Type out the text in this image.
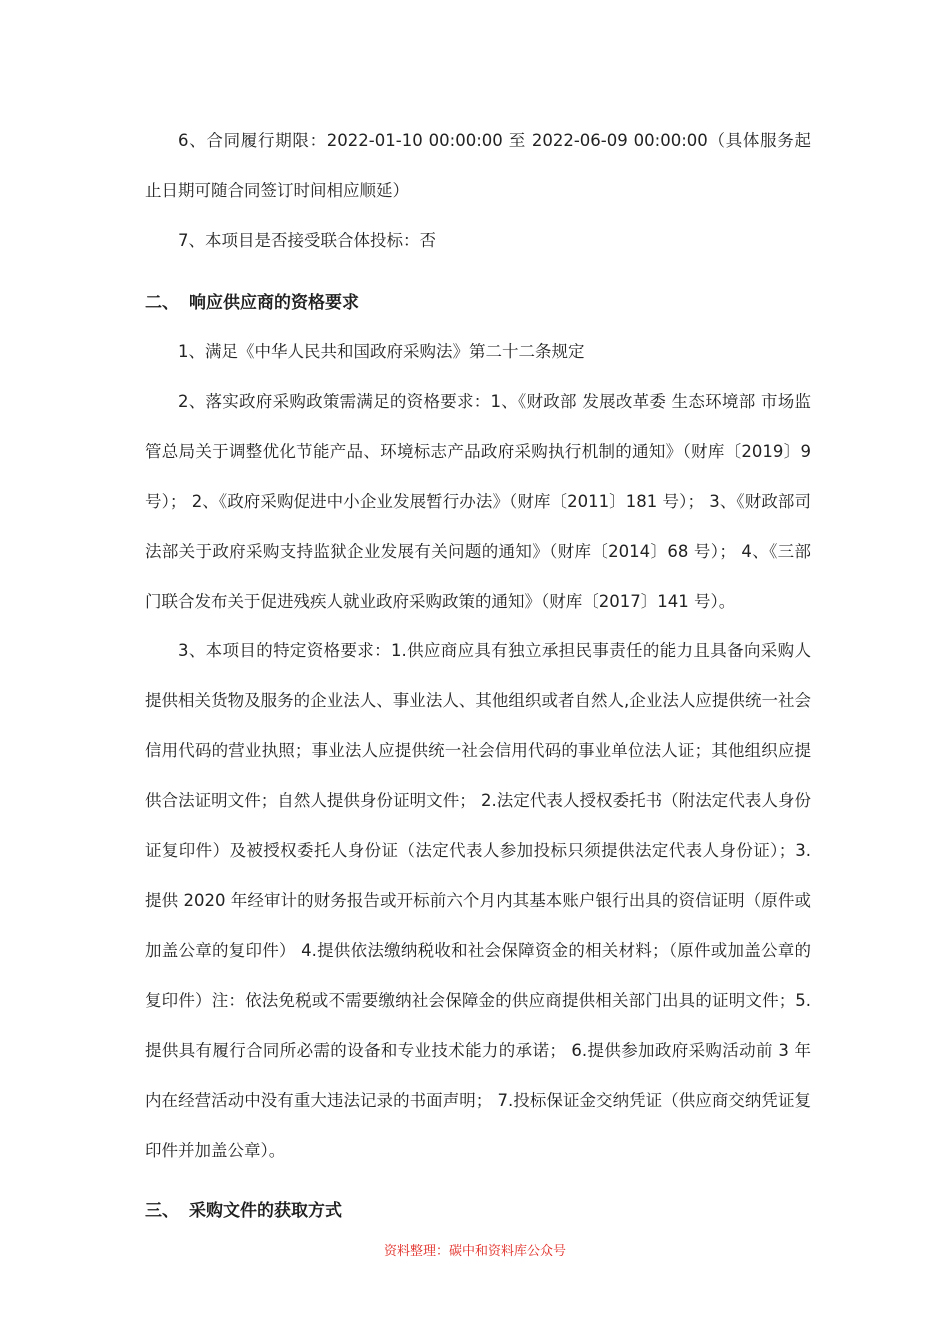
6、合同履行期限：2022-01-10 00:00:00 至 2022-06-09 00:00:00（具体服务起止日期可随合同签订时间相应顺延）

7、本项目是否接受联合体投标：否

二、 响应供应商的资格要求

1、满足《中华人民共和国政府采购法》第二十二条规定

2、落实政府采购政策需满足的资格要求：1、《财政部 发展改革委 生态环境部 市场监管总局关于调整优化节能产品、环境标志产品政府采购执行机制的通知》（财库〔2019〕9 号）； 2、《政府采购促进中小企业发展暂行办法》（财库〔2011〕181 号）； 3、《财政部司法部关于政府采购支持监狱企业发展有关问题的通知》（财库〔2014〕68 号）； 4、《三部门联合发布关于促进残疾人就业政府采购政策的通知》（财库〔2017〕141 号）。

3、本项目的特定资格要求：1.供应商应具有独立承担民事责任的能力且具备向采购人提供相关货物及服务的企业法人、事业法人、其他组织或者自然人,企业法人应提供统一社会信用代码的营业执照；事业法人应提供统一社会信用代码的事业单位法人证；其他组织应提供合法证明文件；自然人提供身份证明文件； 2.法定代表人授权委托书（附法定代表人身份证复印件）及被授权委托人身份证（法定代表人参加投标只须提供法定代表人身份证）；3.提供 2020 年经审计的财务报告或开标前六个月内其基本账户银行出具的资信证明（原件或加盖公章的复印件） 4.提供依法缴纳税收和社会保障资金的相关材料；（原件或加盖公章的复印件）注：依法免税或不需要缴纳社会保障金的供应商提供相关部门出具的证明文件；5.提供具有履行合同所必需的设备和专业技术能力的承诺； 6.提供参加政府采购活动前 3 年内在经营活动中没有重大违法记录的书面声明； 7.投标保证金交纳凭证（供应商交纳凭证复印件并加盖公章）。

三、 采购文件的获取方式
资料整理：碳中和资料库公众号
